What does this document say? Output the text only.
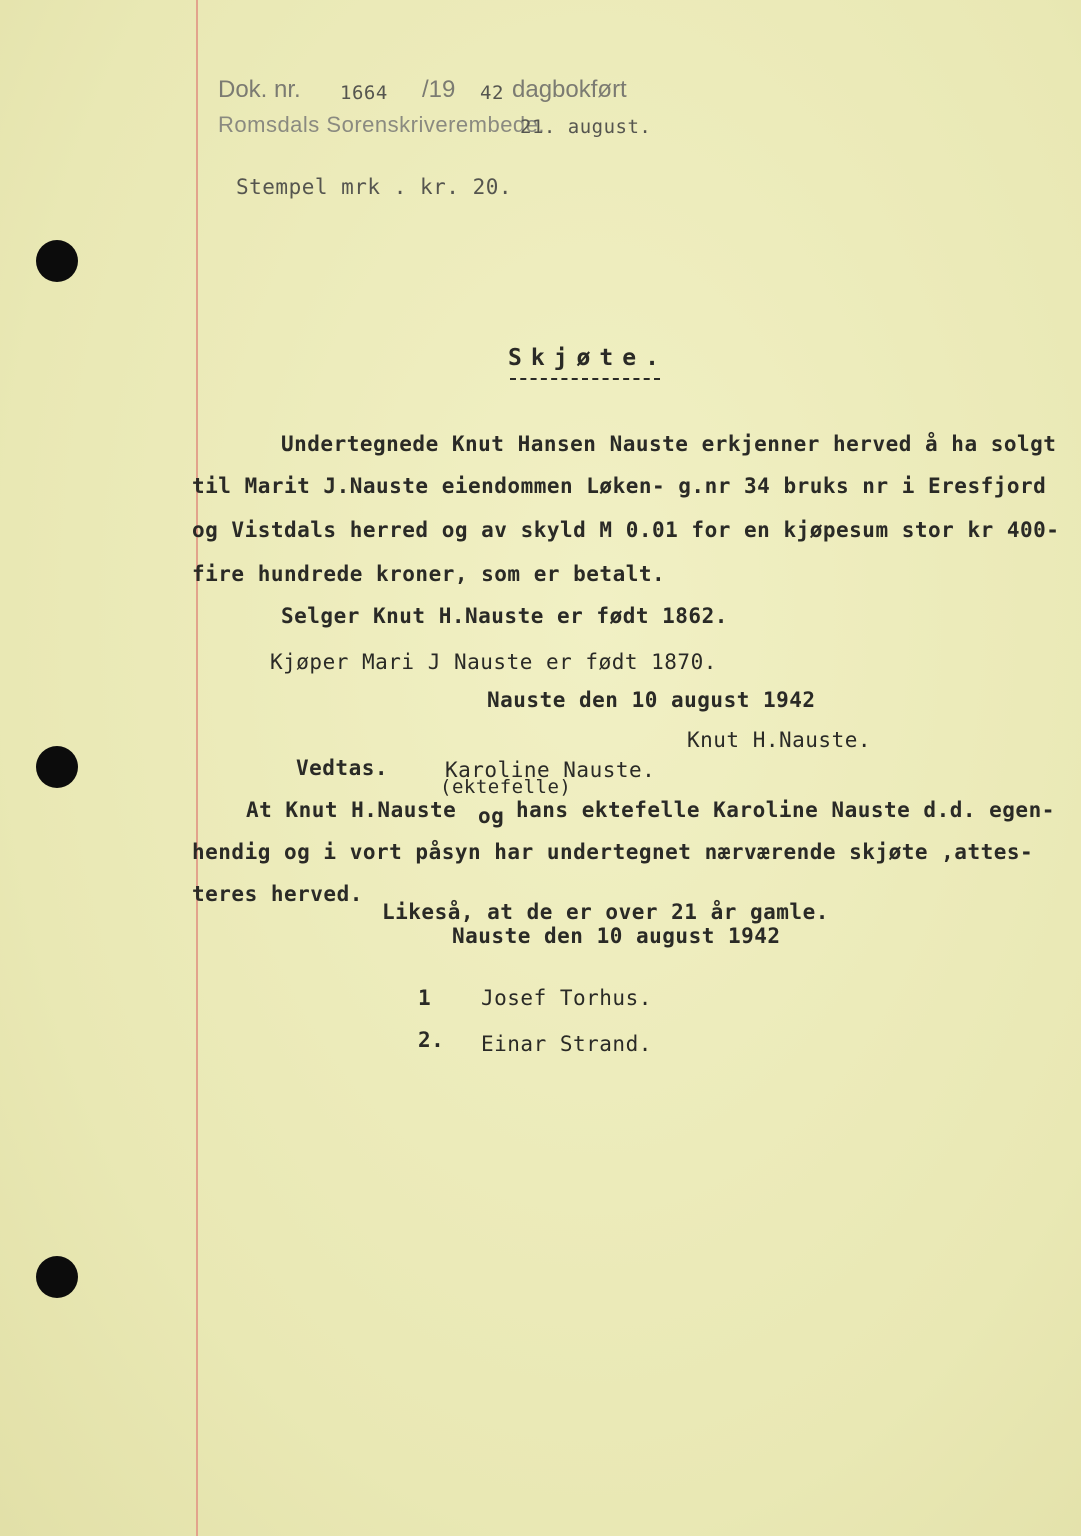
Dok. nr. 1664 /19 42 dagbokført
Romsdals Sorenskriverembede.
21. august.
Stempel mrk . kr. 20.
Skjøte.
Undertegnede Knut Hansen Nauste erkjenner herved å ha solgt
til Marit J.Nauste eiendommen Løken- g.nr 34 bruks nr i Eresfjord
og Vistdals herred og av skyld M 0.01 for en kjøpesum stor kr 400-
fire hundrede kroner, som er betalt.
Selger Knut H.Nauste er født 1862.
Kjøper Mari J Nauste er født 1870.
Nauste den 10 august 1942
Knut H.Nauste.
Vedtas.	Karoline Nauste.
(ektefelle)
At Knut H.Nauste og hans ektefelle Karoline Nauste d.d. egen-
hendig og i vort påsyn har undertegnet nærværende skjøte ,attes-
teres herved.
Likeså, at de er over 21 år gamle.
Nauste den 10 august 1942
1 Josef Torhus.
2. Einar Strand.
